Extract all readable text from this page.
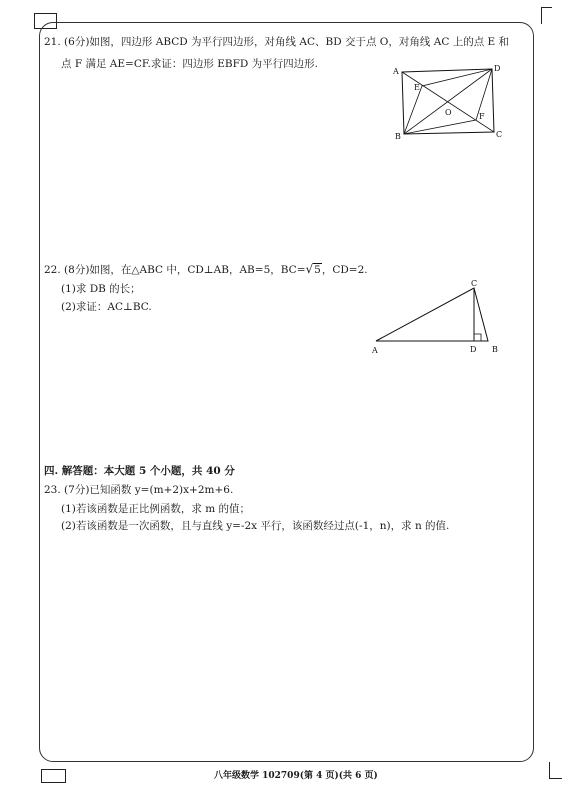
21. (6分)如图，四边形 ABCD 为平行四边形，对角线 AC、BD 交于点 O，对角线 AC 上的点 E 和
点 F 满足 AE=CF.求证：四边形 EBFD 为平行四边形.
A	D
E
O	F
B	C
22. (8分)如图，在△ABC 中，CD⊥AB，AB=5，BC=√5，CD=2.
(1)求 DB 的长；
(2)求证：AC⊥BC.
C
A	D B
四. 解答题：本大题 5 个小题，共 40 分
23. (7分)已知函数 y=(m+2)x+2m+6.
(1)若该函数是正比例函数，求 m 的值；
(2)若该函数是一次函数，且与直线 y=-2x 平行，该函数经过点(-1，n)，求 n 的值.
八年级数学 102709(第 4 页)(共 6 页)
